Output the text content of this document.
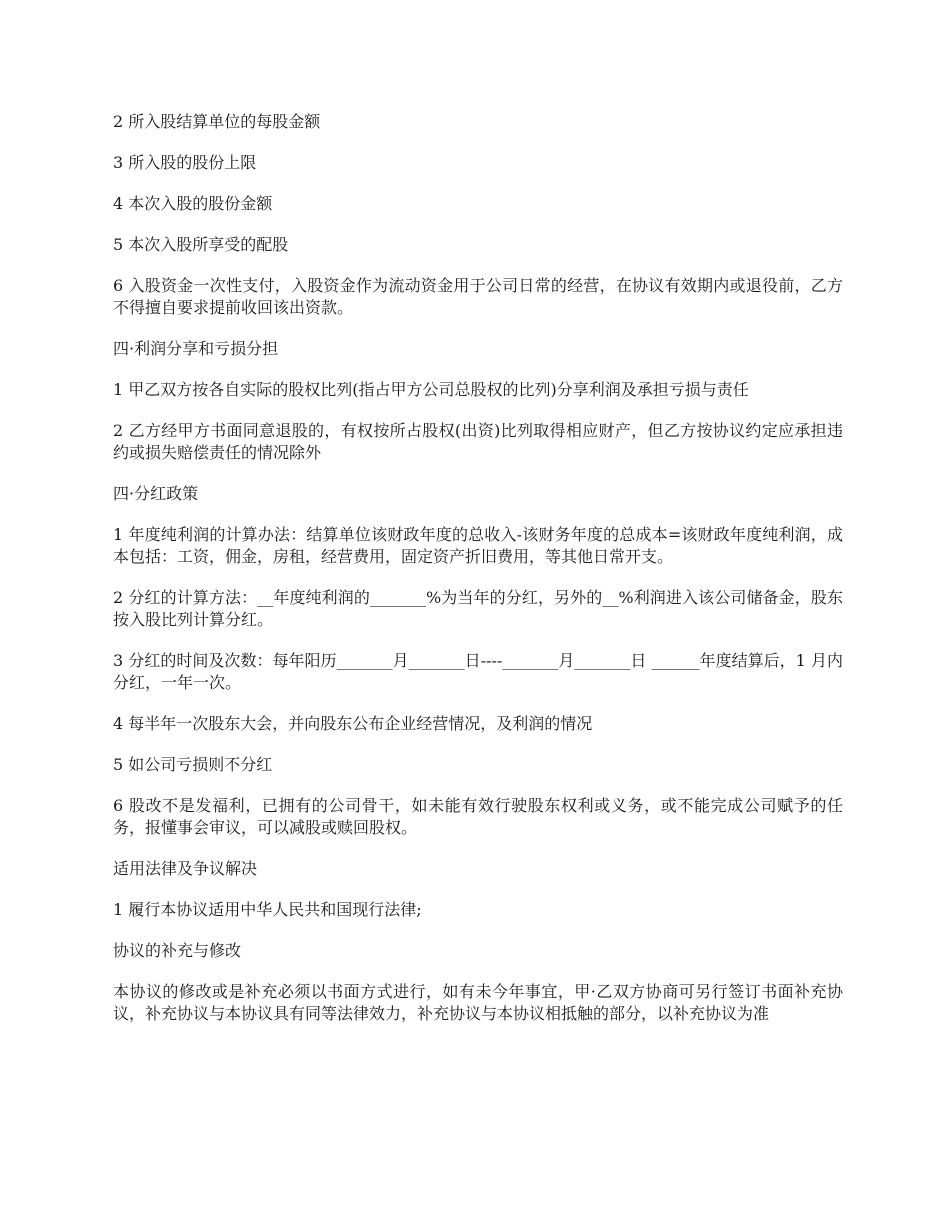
2 所入股结算单位的每股金额

3 所入股的股份上限

4 本次入股的股份金额

5 本次入股所享受的配股

6 入股资金一次性支付，入股资金作为流动资金用于公司日常的经营，在协议有效期内或退役前，乙方不得擅自要求提前收回该出资款。

四·利润分享和亏损分担

1 甲乙双方按各自实际的股权比列(指占甲方公司总股权的比列)分享利润及承担亏损与责任

2 乙方经甲方书面同意退股的，有权按所占股权(出资)比列取得相应财产，但乙方按协议约定应承担违约或损失赔偿责任的情况除外

四·分红政策

1 年度纯利润的计算办法：结算单位该财政年度的总收入-该财务年度的总成本=该财政年度纯利润，成本包括：工资，佣金，房租，经营费用，固定资产折旧费用，等其他日常开支。

2 分红的计算方法：__年度纯利润的_______%为当年的分红，另外的__%利润进入该公司储备金，股东按入股比列计算分红。

3 分红的时间及次数：每年阳历_______月_______日----_______月_______日 ______年度结算后，1 月内分红，一年一次。

4 每半年一次股东大会，并向股东公布企业经营情况，及利润的情况

5 如公司亏损则不分红

6 股改不是发福利，已拥有的公司骨干，如未能有效行驶股东权利或义务，或不能完成公司赋予的任务，报懂事会审议，可以减股或赎回股权。

适用法律及争议解决

1 履行本协议适用中华人民共和国现行法律;

协议的补充与修改

本协议的修改或是补充必须以书面方式进行，如有未今年事宜，甲·乙双方协商可另行签订书面补充协议，补充协议与本协议具有同等法律效力，补充协议与本协议相抵触的部分，以补充协议为准
